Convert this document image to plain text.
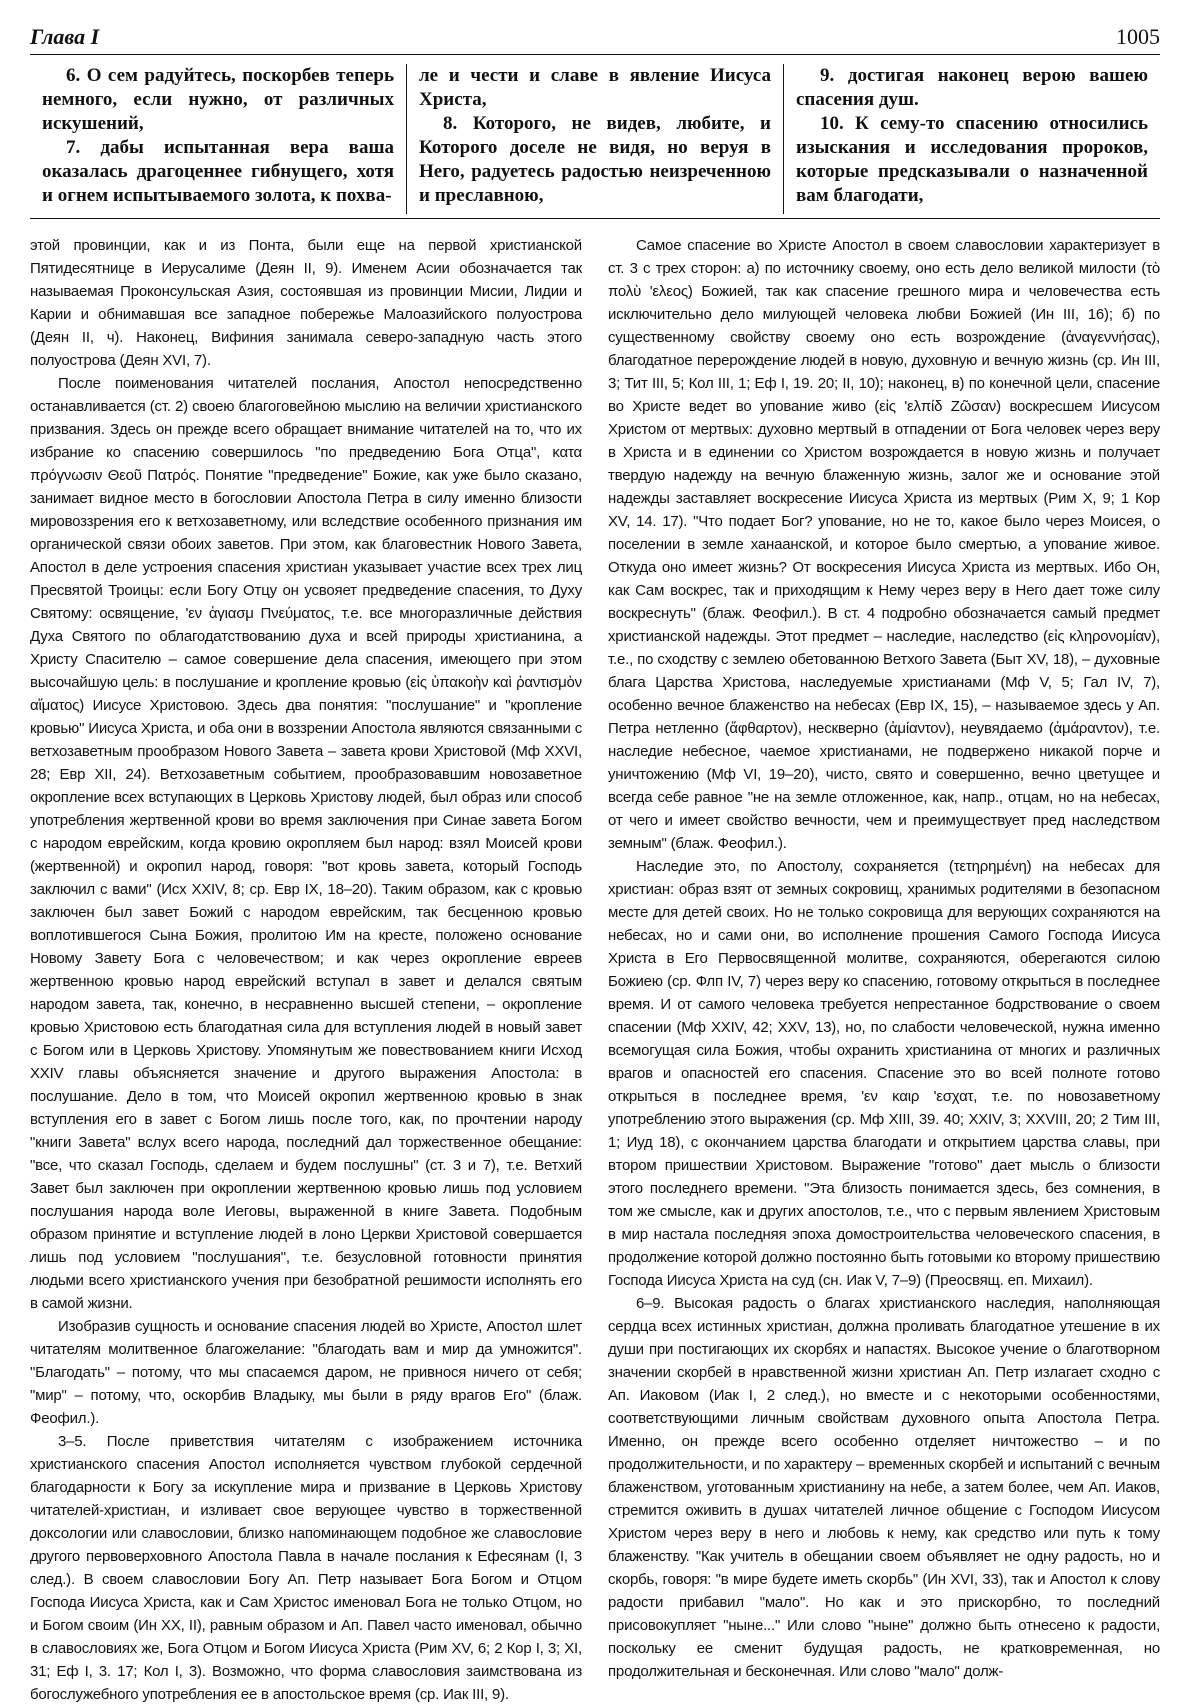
Глава I	1005

6. О сем радуйтесь, поскорбев теперь немного, если нужно, от различных искушений,

7. дабы испытанная вера ваша оказалась драгоценнее гибнущего, хотя и огнем испытываемого золота, к похва-

ле и чести и славе в явление Иисуса Христа,

8. Которого, не видев, любите, и Которого доселе не видя, но веруя в Него, радуетесь радостью неизреченною и преславною,

9. достигая наконец верою вашею спасения душ.

10. К сему-то спасению относились изыскания и исследования пророков, которые предсказывали о назначенной вам благодати,

этой провинции, как и из Понта, были еще на первой христианской Пятидесятнице в Иерусалиме (Деян II, 9). Именем Асии обозначается так называемая Проконсульская Азия, состоявшая из провинции Мисии, Лидии и Карии и обнимавшая все западное побережье Малоазийского полуострова (Деян II, ч). Наконец, Вифиния занимала северо-западную часть этого полуострова (Деян XVI, 7).

После поименования читателей послания, Апостол непосредственно останавливается (ст. 2) своею благоговейною мыслию на величии христианского призвания. Здесь он прежде всего обращает внимание читателей на то, что их избрание ко спасению совершилось "по предведению Бога Отца", κατα πρόγνωσιν Θεοῦ Πατρός. Понятие "предведение" Божие, как уже было сказано, занимает видное место в богословии Апостола Петра в силу именно близости мировоззрения его к ветхозаветному, или вследствие особенного признания им органической связи обоих заветов. При этом, как благовестник Нового Завета, Апостол в деле устроения спасения христиан указывает участие всех трех лиц Пресвятой Троицы: если Богу Отцу он усвояет предведение спасения, то Духу Святому: освящение, 'εν ἁγιασμ Πνεύματος, т.е. все многоразличные действия Духа Святого по облагодатствованию духа и всей природы христианина, а Христу Спасителю – самое совершение дела спасения, имеющего при этом высочайшую цель: в послушание и кропление кровью (εἰς ὑπακοὴν καὶ ῥαντισμὸν αἵματος) Иисусе Христовою. Здесь два понятия: "послушание" и "кропление кровью" Иисуса Христа, и оба они в воззрении Апостола являются связанными с ветхозаветным прообразом Нового Завета – завета крови Христовой (Мф XXVI, 28; Евр XII, 24). Ветхозаветным событием, прообразовавшим новозаветное окропление всех вступающих в Церковь Христову людей, был образ или способ употребления жертвенной крови во время заключения при Синае завета Богом с народом еврейским, когда кровию окропляем был народ: взял Моисей крови (жертвенной) и окропил народ, говоря: "вот кровь завета, который Господь заключил с вами" (Исх XXIV, 8; ср. Евр IX, 18–20). Таким образом, как с кровью заключен был завет Божий с народом еврейским, так бесценною кровью воплотившегося Сына Божия, пролитою Им на кресте, положено основание Новому Завету Бога с человечеством; и как через окропление евреев жертвенною кровью народ еврейский вступал в завет и делался святым народом завета, так, конечно, в несравненно высшей степени, – окропление кровью Христовою есть благодатная сила для вступления людей в новый завет с Богом или в Церковь Христову. Упомянутым же повествованием книги Исход XXIV главы объясняется значение и другого выражения Апостола: в послушание. Дело в том, что Моисей окропил жертвенною кровью в знак вступления его в завет с Богом лишь после того, как, по прочтении народу "книги Завета" вслух всего народа, последний дал торжественное обещание: "все, что сказал Господь, сделаем и будем послушны" (ст. 3 и 7), т.е. Ветхий Завет был заключен при окроплении жертвенною кровью лишь под условием послушания народа воле Иеговы, выраженной в книге Завета. Подобным образом принятие и вступление людей в лоно Церкви Христовой совершается лишь под условием "послушания", т.е. безусловной готовности принятия людьми всего христианского учения при безобратной решимости исполнять его в самой жизни.

Изобразив сущность и основание спасения людей во Христе, Апостол шлет читателям молитвенное благожелание: "благодать вам и мир да умножится". "Благодать" – потому, что мы спасаемся даром, не привнося ничего от себя; "мир" – потому, что, оскорбив Владыку, мы были в ряду врагов Его" (блаж. Феофил.).

3–5. После приветствия читателям с изображением источника христианского спасения Апостол исполняется чувством глубокой сердечной благодарности к Богу за искупление мира и призвание в Церковь Христову читателей-христиан, и изливает свое верующее чувство в торжественной доксологии или славословии, близко напоминающем подобное же славословие другого первоверховного Апостола Павла в начале послания к Ефесянам (I, 3 след.). В своем славословии Богу Ап. Петр называет Бога Богом и Отцом Господа Иисуса Христа, как и Сам Христос именовал Бога не только Отцом, но и Богом своим (Ин XX, II), равным образом и Ап. Павел часто именовал, обычно в славословиях же, Бога Отцом и Богом Иисуса Христа (Рим XV, 6; 2 Кор I, 3; XI, 31; Еф I, 3. 17; Кол I, 3). Возможно, что форма славословия заимствована из богослужебного употребления ее в апостольское время (ср. Иак III, 9).

Самое спасение во Христе Апостол в своем славословии характеризует в ст. 3 с трех сторон: а) по источнику своему, оно есть дело великой милости (τὸ πολὺ 'ελεος) Божией, так как спасение грешного мира и человечества есть исключительно дело милующей человека любви Божией (Ин III, 16); б) по существенному свойству своему оно есть возрождение (ἀναγεννήσας), благодатное перерождение людей в новую, духовную и вечную жизнь (ср. Ин III, 3; Тит III, 5; Кол III, 1; Еф I, 19. 20; II, 10); наконец, в) по конечной цели, спасение во Христе ведет во упование живо (εἰς 'ελπίδ Ζῶσαν) воскресшем Иисусом Христом от мертвых: духовно мертвый в отпадении от Бога человек через веру в Христа и в единении со Христом возрождается в новую жизнь и получает твердую надежду на вечную блаженную жизнь, залог же и основание этой надежды заставляет воскресение Иисуса Христа из мертвых (Рим X, 9; 1 Кор XV, 14. 17). "Что подает Бог? упование, но не то, какое было через Моисея, о поселении в земле ханаанской, и которое было смертью, а упование живое. Откуда оно имеет жизнь? От воскресения Иисуса Христа из мертвых. Ибо Он, как Сам воскрес, так и приходящим к Нему через веру в Него дает тоже силу воскреснуть" (блаж. Феофил.). В ст. 4 подробно обозначается самый предмет христианской надежды. Этот предмет – наследие, наследство (εἰς κληρονομίαν), т.е., по сходству с землею обетованною Ветхого Завета (Быт XV, 18), – духовные блага Царства Христова, наследуемые христианами (Мф V, 5; Гал IV, 7), особенно вечное блаженство на небесах (Евр IX, 15), – называемое здесь у Ап. Петра нетленно (ἄφθαρτον), нескверно (ἀμίαντον), неувядаемо (ἀμάραντον), т.е. наследие небесное, чаемое христианами, не подвержено никакой порче и уничтожению (Мф VI, 19–20), чисто, свято и совершенно, вечно цветущее и всегда себе равное "не на земле отложенное, как, напр., отцам, но на небесах, от чего и имеет свойство вечности, чем и преимуществует пред наследством земным" (блаж. Феофил.).

Наследие это, по Апостолу, сохраняется (τετηρημένη) на небесах для христиан: образ взят от земных сокровищ, хранимых родителями в безопасном месте для детей своих. Но не только сокровища для верующих сохраняются на небесах, но и сами они, во исполнение прошения Самого Господа Иисуса Христа в Его Первосвященной молитве, сохраняются, оберегаются силою Божиею (ср. Флп IV, 7) через веру ко спасению, готовому открыться в последнее время. И от самого человека требуется непрестанное бодрствование о своем спасении (Мф XXIV, 42; XXV, 13), но, по слабости человеческой, нужна именно всемогущая сила Божия, чтобы охранить христианина от многих и различных врагов и опасностей его спасения. Спасение это во всей полноте готово открыться в последнее время, 'εν καιρ 'εσχατ, т.е. по новозаветному употреблению этого выражения (ср. Мф XIII, 39. 40; XXIV, 3; XXVIII, 20; 2 Тим III, 1; Иуд 18), с окончанием царства благодати и открытием царства славы, при втором пришествии Христовом. Выражение "готово" дает мысль о близости этого последнего времени. "Эта близость понимается здесь, без сомнения, в том же смысле, как и других апостолов, т.е., что с первым явлением Христовым в мир настала последняя эпоха домостроительства человеческого спасения, в продолжение которой должно постоянно быть готовыми ко второму пришествию Господа Иисуса Христа на суд (сн. Иак V, 7–9) (Преосвящ. еп. Михаил).

6–9. Высокая радость о благах христианского наследия, наполняющая сердца всех истинных христиан, должна проливать благодатное утешение в их души при постигающих их скорбях и напастях. Высокое учение о благотворном значении скорбей в нравственной жизни христиан Ап. Петр излагает сходно с Ап. Иаковом (Иак I, 2 след.), но вместе и с некоторыми особенностями, соответствующими личным свойствам духовного опыта Апостола Петра. Именно, он прежде всего особенно отделяет ничтожество – и по продолжительности, и по характеру – временных скорбей и испытаний с вечным блаженством, уготованным христианину на небе, а затем более, чем Ап. Иаков, стремится оживить в душах читателей личное общение с Господом Иисусом Христом через веру в него и любовь к нему, как средство или путь к тому блаженству. "Как учитель в обещании своем объявляет не одну радость, но и скорбь, говоря: "в мире будете иметь скорбь" (Ин XVI, 33), так и Апостол к слову радости прибавил "мало". Но как и это прискорбно, то последний присовокупляет "ныне..." Или слово "ныне" должно быть отнесено к радости, поскольку ее сменит будущая радость, не кратковременная, но продолжительная и бесконечная. Или слово "мало" долж-
